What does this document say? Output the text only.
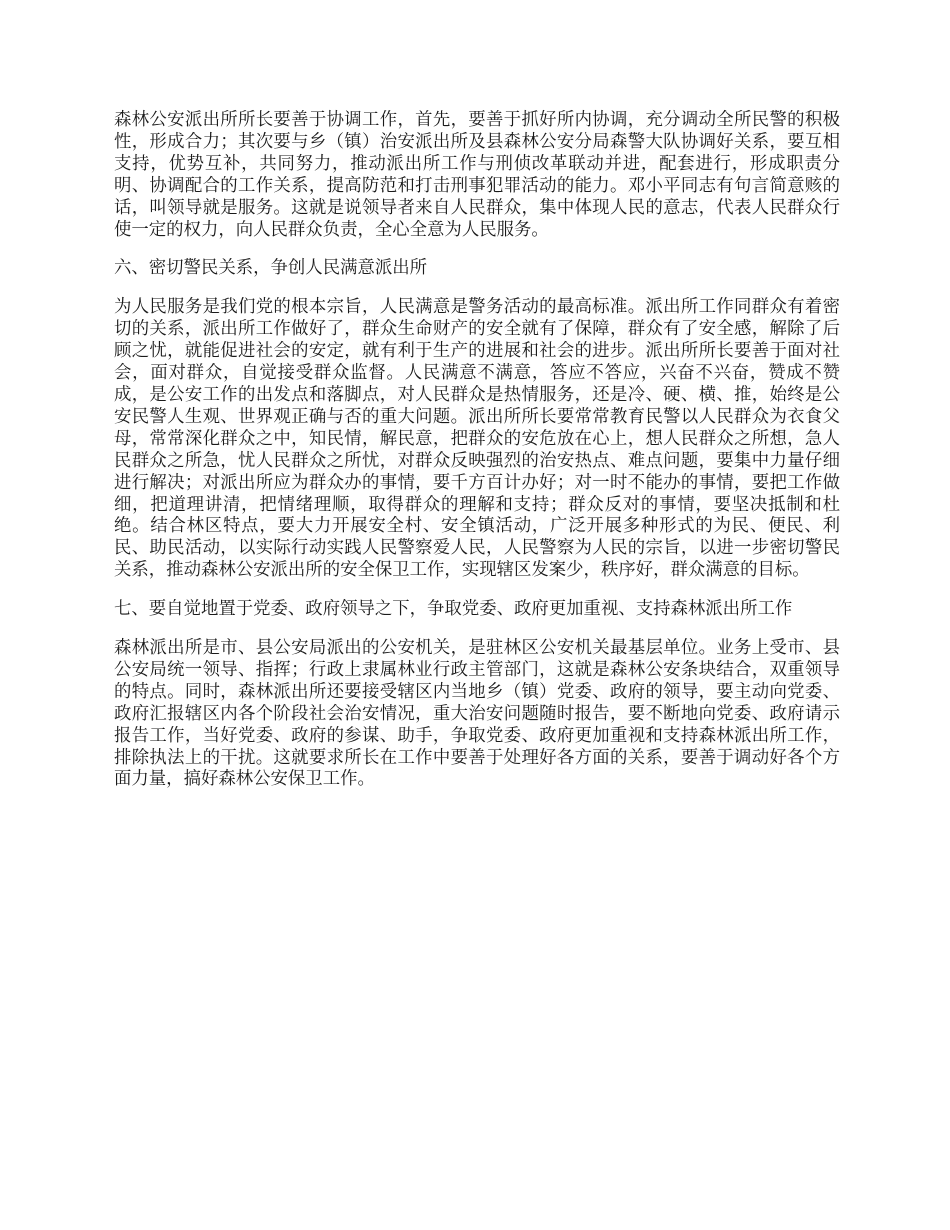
森林公安派出所所长要善于协调工作，首先，要善于抓好所内协调，充分调动全所民警的积极性，形成合力；其次要与乡（镇）治安派出所及县森林公安分局森警大队协调好关系，要互相支持，优势互补，共同努力，推动派出所工作与刑侦改革联动并进，配套进行，形成职责分明、协调配合的工作关系，提高防范和打击刑事犯罪活动的能力。邓小平同志有句言简意赅的话，叫领导就是服务。这就是说领导者来自人民群众，集中体现人民的意志，代表人民群众行使一定的权力，向人民群众负责，全心全意为人民服务。

六、密切警民关系，争创人民满意派出所

为人民服务是我们党的根本宗旨，人民满意是警务活动的最高标准。派出所工作同群众有着密切的关系，派出所工作做好了，群众生命财产的安全就有了保障，群众有了安全感，解除了后顾之忧，就能促进社会的安定，就有利于生产的进展和社会的进步。派出所所长要善于面对社会，面对群众，自觉接受群众监督。人民满意不满意，答应不答应，兴奋不兴奋，赞成不赞成，是公安工作的出发点和落脚点，对人民群众是热情服务，还是冷、硬、横、推，始终是公安民警人生观、世界观正确与否的重大问题。派出所所长要常常教育民警以人民群众为衣食父母，常常深化群众之中，知民情，解民意，把群众的安危放在心上，想人民群众之所想，急人民群众之所急，忧人民群众之所忧，对群众反映强烈的治安热点、难点问题，要集中力量仔细进行解决；对派出所应为群众办的事情，要千方百计办好；对一时不能办的事情，要把工作做细，把道理讲清，把情绪理顺，取得群众的理解和支持；群众反对的事情，要坚决抵制和杜绝。结合林区特点，要大力开展安全村、安全镇活动，广泛开展多种形式的为民、便民、利民、助民活动，以实际行动实践人民警察爱人民，人民警察为人民的宗旨，以进一步密切警民关系，推动森林公安派出所的安全保卫工作，实现辖区发案少，秩序好，群众满意的目标。

七、要自觉地置于党委、政府领导之下，争取党委、政府更加重视、支持森林派出所工作

森林派出所是市、县公安局派出的公安机关，是驻林区公安机关最基层单位。业务上受市、县公安局统一领导、指挥；行政上隶属林业行政主管部门，这就是森林公安条块结合，双重领导的特点。同时，森林派出所还要接受辖区内当地乡（镇）党委、政府的领导，要主动向党委、政府汇报辖区内各个阶段社会治安情况，重大治安问题随时报告，要不断地向党委、政府请示报告工作，当好党委、政府的参谋、助手，争取党委、政府更加重视和支持森林派出所工作，排除执法上的干扰。这就要求所长在工作中要善于处理好各方面的关系，要善于调动好各个方面力量，搞好森林公安保卫工作。
